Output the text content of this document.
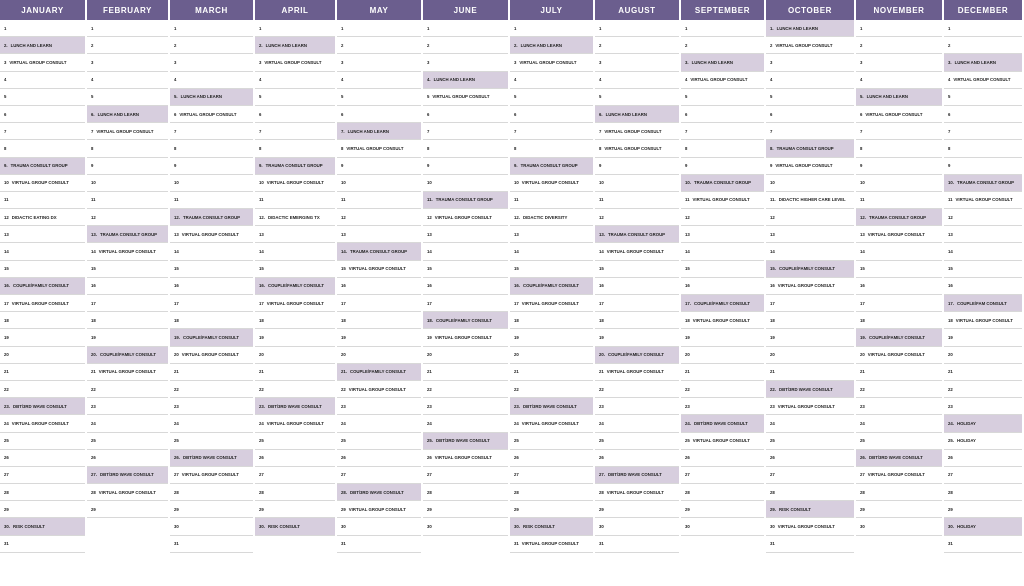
JANUARY
1
2. LUNCH AND LEARN
3 VIRTUAL GROUP CONSULT
4
5
6
7
8
9. TRAUMA CONSULT GROUP
10 VIRTUAL GROUP CONSULT
11
12 DIDACTIC EATING DX
13
14
15
16. COUPLE/FAMILY CONSULT
17 VIRTUAL GROUP CONSULT
18
19
20
21
22
23. DBT/3RD WAVE CONSULT
24 VIRTUAL GROUP CONSULT
25
26
27
28
29
30. RISK CONSULT
31
FEBRUARY
1
2
3
4
5
6. LUNCH AND LEARN
7 VIRTUAL GROUP CONSULT
8
9
10
11
12
13. TRAUMA CONSULT GROUP
14 VIRTUAL GROUP CONSULT
15
16
17
18
19
20. COUPLE/FAMILY CONSULT
21 VIRTUAL GROUP CONSULT
22
23
24
25
26
27. DBT/3RD WAVE CONSULT
28 VIRTUAL GROUP CONSULT
29
MARCH
1
2
3
4
5. LUNCH AND LEARN
6 VIRTUAL GROUP CONSULT
7
8
9
10
11
12. TRAUMA CONSULT GROUP
13 VIRTUAL GROUP CONSULT
14
15
16
17
18
19. COUPLE/FAMILY CONSULT
20 VIRTUAL GROUP CONSULT
21
22
23
24
25
26. DBT/3RD WAVE CONSULT
27 VIRTUAL GROUP CONSULT
28
29
30
31
APRIL
1
2. LUNCH AND LEARN
3 VIRTUAL GROUP CONSULT
4
5
6
7
8
9. TRAUMA CONSULT GROUP
10 VIRTUAL GROUP CONSULT
11
12. DIDACTIC EMERGING TX
13
14
15
16. COUPLE/FAMILY CONSULT
17 VIRTUAL GROUP CONSULT
18
19
20
21
22
23. DBT/3RD WAVE CONSULT
24 VIRTUAL GROUP CONSULT
25
26
27
28
29
30. RISK CONSULT
MAY
1
2
3
4
5
6
7. LUNCH AND LEARN
8 VIRTUAL GROUP CONSULT
9
10
11
12
13
14. TRAUMA CONSULT GROUP
15 VIRTUAL GROUP CONSULT
16
17
18
19
20
21. COUPLE/FAMILY CONSULT
22 VIRTUAL GROUP CONSULT
23
24
25
26
27
28. DBT/3RD WAVE CONSULT
29 VIRTUAL GROUP CONSULT
30
31
JUNE
1
2
3
4. LUNCH AND LEARN
5 VIRTUAL GROUP CONSULT
6
7
8
9
10
11. TRAUMA CONSULT GROUP
12 VIRTUAL GROUP CONSULT
13
14
15
16
17
18. COUPLE/FAMILY CONSULT
19 VIRTUAL GROUP CONSULT
20
21
22
23
24
25. DBT/3RD WAVE CONSULT
26 VIRTUAL GROUP CONSULT
27
28
29
30
JULY
1
2. LUNCH AND LEARN
3 VIRTUAL GROUP CONSULT
4
5
6
7
8
9. TRAUMA CONSULT GROUP
10 VIRTUAL GROUP CONSULT
11
12. DIDACTIC DIVERSITY
13
14
15
16. COUPLE/FAMILY CONSULT
17 VIRTUAL GROUP CONSULT
18
19
20
21
22
23. DBT/3RD WAVE CONSULT
24 VIRTUAL GROUP CONSULT
25
26
27
28
29
30. RISK CONSULT
31 VIRTUAL GROUP CONSULT
AUGUST
1
2
3
4
5
6. LUNCH AND LEARN
7 VIRTUAL GROUP CONSULT
8 VIRTUAL GROUP CONSULT
9
10
11
12
13. TRAUMA CONSULT GROUP
14 VIRTUAL GROUP CONSULT
15
16
17
18
19
20. COUPLE/FAMILY CONSULT
21 VIRTUAL GROUP CONSULT
22
23
24
25
26
27. DBT/3RD WAVE CONSULT
28 VIRTUAL GROUP CONSULT
29
30
31
SEPTEMBER
1
2
3. LUNCH AND LEARN
4 VIRTUAL GROUP CONSULT
5
6
7
8
9
10. TRAUMA CONSULT GROUP
11 VIRTUAL GROUP CONSULT
12
13
14
15
16
17. COUPLE/FAMILY CONSULT
18 VIRTUAL GROUP CONSULT
19
20
21
22
23
24. DBT/3RD WAVE CONSULT
25 VIRTUAL GROUP CONSULT
26
27
28
29
30
OCTOBER
1. LUNCH AND LEARN
2 VIRTUAL GROUP CONSULT
3
4
5
6
7
8. TRAUMA CONSULT GROUP
9 VIRTUAL GROUP CONSULT
10
11. DIDACTIC HIGHER CARE LEVEL
12
13
14
15. COUPLE/FAMILY CONSULT
16 VIRTUAL GROUP CONSULT
17
18
19
20
21
22. DBT/3RD WAVE CONSULT
23 VIRTUAL GROUP CONSULT
24
25
26
27
28
29. RISK CONSULT
30 VIRTUAL GROUP CONSULT
31
NOVEMBER
1
2
3
4
5. LUNCH AND LEARN
6 VIRTUAL GROUP CONSULT
7
8
9
10
11
12. TRAUMA CONSULT GROUP
13 VIRTUAL GROUP CONSULT
14
15
16
17
18
19. COUPLE/FAMILY CONSULT
20 VIRTUAL GROUP CONSULT
21
22
23
24
25
26. DBT/3RD WAVE CONSULT
27 VIRTUAL GROUP CONSULT
28
29
30
DECEMBER
1
2
3. LUNCH AND LEARN
4 VIRTUAL GROUP CONSULT
5
6
7
8
9
10. TRAUMA CONSULT GROUP
11 VIRTUAL GROUP CONSULT
12
13
14
15
16
17. COUPLE/FAM CONSULT
18 VIRTUAL GROUP CONSULT
19
20
21
22
23
24. HOLIDAY
25. HOLIDAY
26
27
28
29
30. HOLIDAY
31
